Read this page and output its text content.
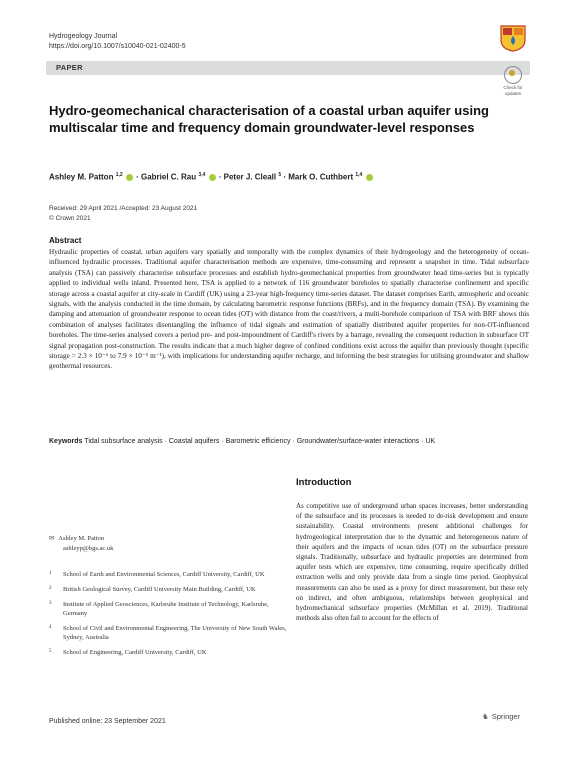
Hydrogeology Journal
https://doi.org/10.1007/s10040-021-02400-5
PAPER
Check for
updates
Hydro-geomechanical characterisation of a coastal urban aquifer using multiscalar time and frequency domain groundwater-level responses
Ashley M. Patton $^{1,2}$  · Gabriel C. Rau $^{3,4}$  · Peter J. Cleall $^5$ · Mark O. Cuthbert $^{1,4}$
Received: 29 April 2021 /Accepted: 23 August 2021
© Crown 2021
Abstract
Hydraulic properties of coastal, urban aquifers vary spatially and temporally with the complex dynamics of their hydrogeology and the heterogeneity of ocean-influenced hydraulic processes. Traditional aquifer characterisation methods are expensive, time-consuming and represent a snapshot in time. Tidal subsurface analysis (TSA) can passively characterise subsurface processes and establish hydro-geomechanical properties from groundwater head time-series but is typically applied to individual wells inland. Presented here, TSA is applied to a network of 116 groundwater boreholes to spatially characterise confinement and specific storage across a coastal aquifer at city-scale in Cardiff (UK) using a 23-year high-frequency time-series dataset. The dataset comprises Earth, atmospheric and oceanic signals, with the analysis conducted in the time domain, by calculating barometric response functions (BRFs), and in the frequency domain (TSA). By examining the damping and attenuation of groundwater response to ocean tides (OT) with distance from the coast/rivers, a multi-borehole comparison of TSA with BRF shows this combination of analyses facilitates disentangling the influence of tidal signals and estimation of spatially distributed aquifer properties for non-OT-influenced boreholes. The time-series analysed covers a period pre- and post-impoundment of Cardiff's rivers by a barrage, revealing the consequent reduction in subsurface OT signal propagation post-construction. The results indicate that a much higher degree of confined conditions exist across the aquifer than previously thought (specific storage = 2.3 × 10⁻⁶ to 7.9 × 10⁻⁵ m⁻¹), with implications for understanding aquifer recharge, and informing the best strategies for utilising groundwater and shallow geothermal resources.
Keywords Tidal subsurface analysis · Coastal aquifers · Barometric efficiency · Groundwater/surface-water interactions · UK
Introduction
As competitive use of underground urban spaces increases, better understanding of the subsurface and its processes is needed to de-risk development and ensure sustainability. Coastal environments present additional challenges for hydrogeological interpretation due to the dynamic and heterogeneous nature of their aquifers and the impacts of ocean tides (OT) on the subsurface pressure signals. Traditionally, subsurface and hydraulic properties are determined from aquifer tests which are expensive, time consuming, require specifically drilled extraction wells and only provide data from a single time period. Geophysical measurements can also be used as a proxy for direct measurement, but these rely on indirect, and often ambiguous, relationships between geophysical and hydromechanical subsurface properties (McMillan et al. 2019). Traditional methods also often fail to account for the effects of
✉ Ashley M. Patton
ashleyp@bgs.ac.uk
1 School of Earth and Environmental Sciences, Cardiff University, Cardiff, UK
2 British Geological Survey, Cardiff University Main Building, Cardiff, UK
3 Institute of Applied Geosciences, Karlsruhe Institute of Technology, Karlsruhe, Germany
4 School of Civil and Environmental Engineering, The University of New South Wales, Sydney, Australia
5 School of Engineering, Cardiff University, Cardiff, UK
Published online: 23 September 2021
♞ Springer
